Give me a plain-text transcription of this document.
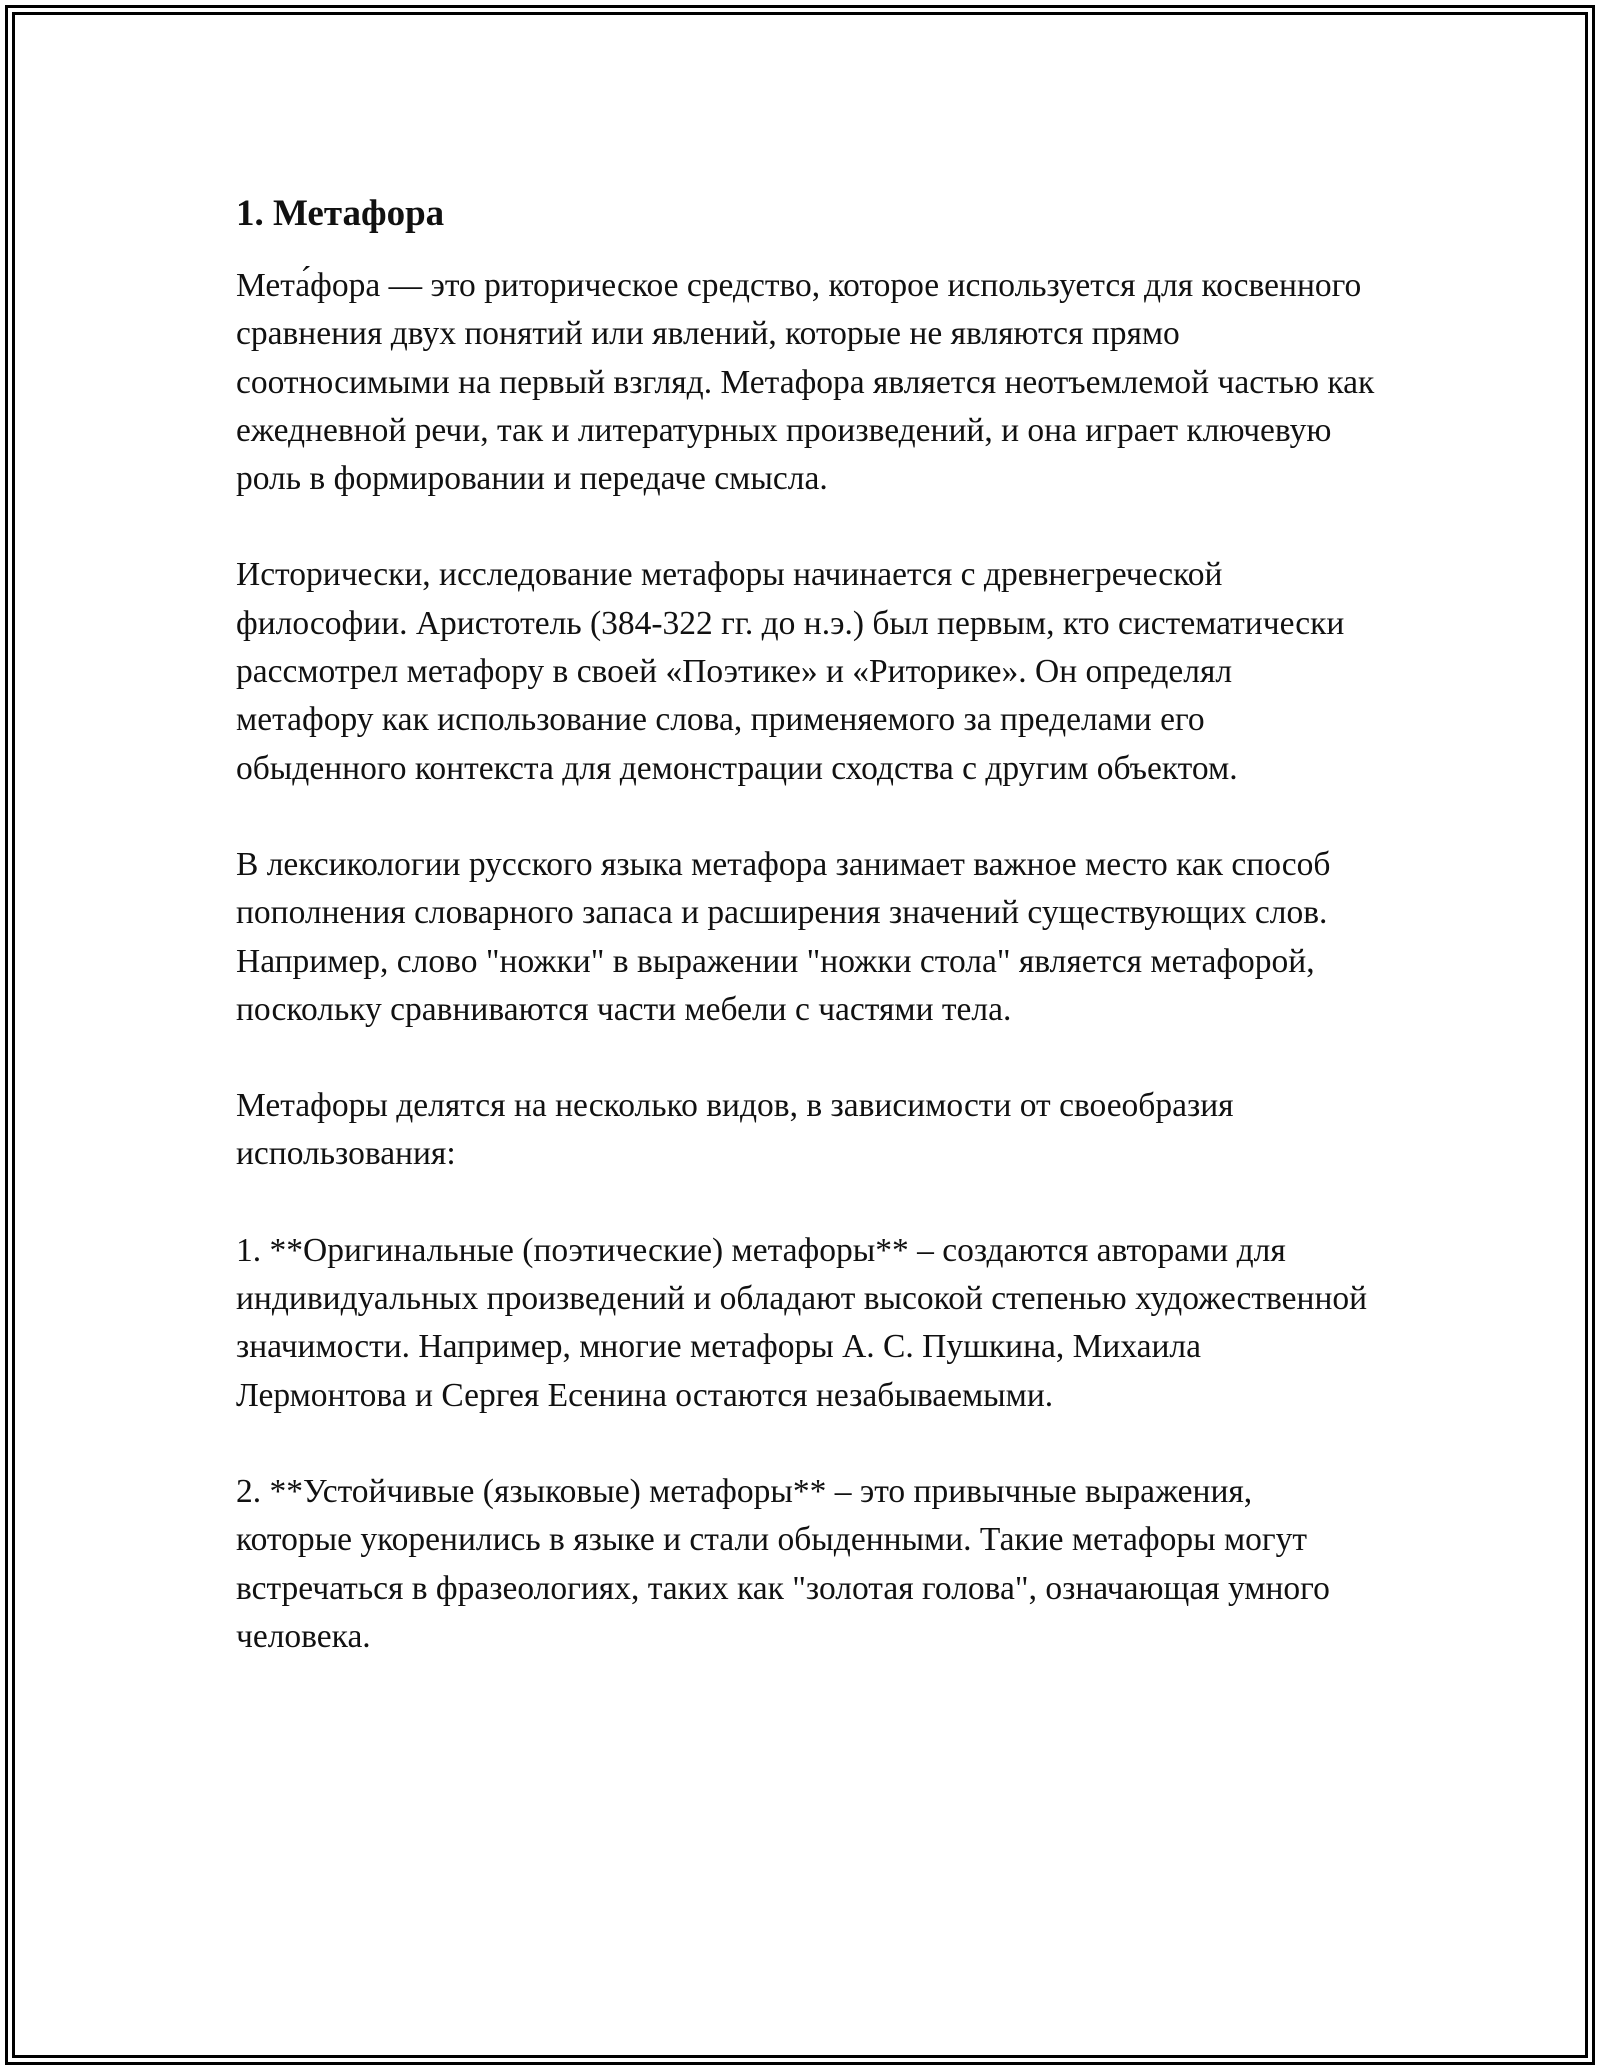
1. Метафора

Мета́фора — это риторическое средство, которое используется для косвенного сравнения двух понятий или явлений, которые не являются прямо соотносимыми на первый взгляд. Метафора является неотъемлемой частью как ежедневной речи, так и литературных произведений, и она играет ключевую роль в формировании и передаче смысла.

Исторически, исследование метафоры начинается с древнегреческой философии. Аристотель (384-322 гг. до н.э.) был первым, кто систематически рассмотрел метафору в своей «Поэтике» и «Риторике». Он определял метафору как использование слова, применяемого за пределами его обыденного контекста для демонстрации сходства с другим объектом.

В лексикологии русского языка метафора занимает важное место как способ пополнения словарного запаса и расширения значений существующих слов. Например, слово "ножки" в выражении "ножки стола" является метафорой, поскольку сравниваются части мебели с частями тела.

Метафоры делятся на несколько видов, в зависимости от своеобразия использования:

1. **Оригинальные (поэтические) метафоры** – создаются авторами для индивидуальных произведений и обладают высокой степенью художественной значимости. Например, многие метафоры А. С. Пушкина, Михаила Лермонтова и Сергея Есенина остаются незабываемыми.

2. **Устойчивые (языковые) метафоры** – это привычные выражения, которые укоренились в языке и стали обыденными. Такие метафоры могут встречаться в фразеологиях, таких как "золотая голова", означающая умного человека.
